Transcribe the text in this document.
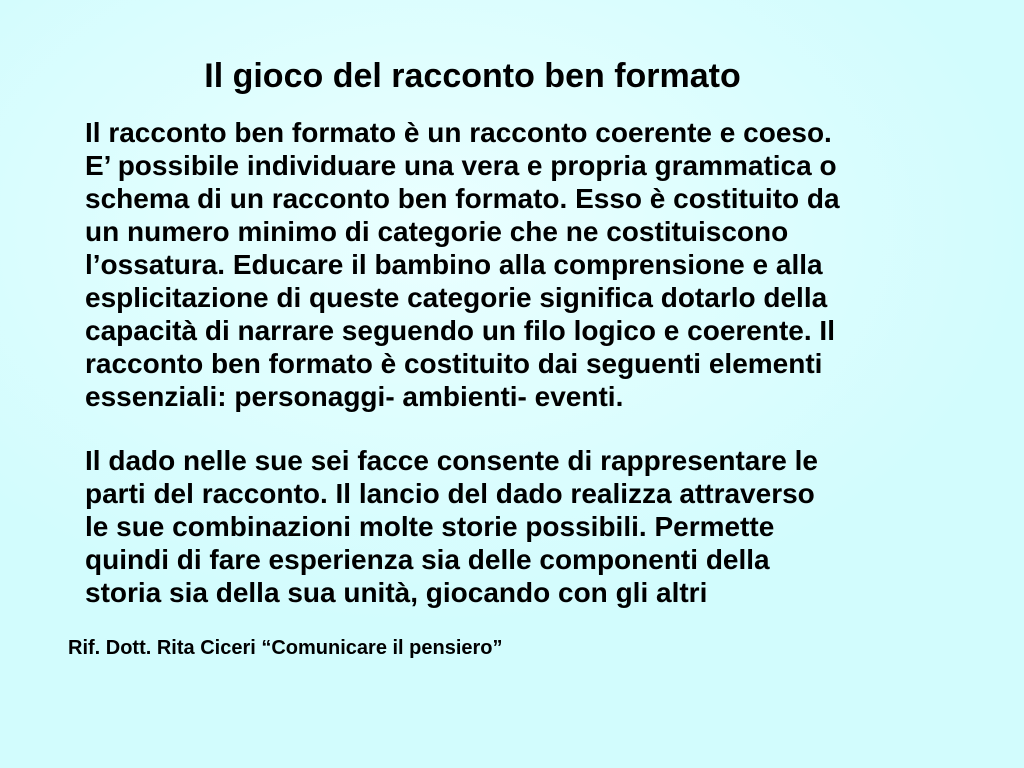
Il gioco del racconto ben formato
Il racconto ben formato è un racconto coerente e coeso.
E’ possibile individuare una vera e propria grammatica o
schema di un racconto ben formato. Esso è costituito da
un numero minimo di categorie che ne costituiscono
l’ossatura. Educare il bambino alla comprensione e alla
esplicitazione di queste categorie significa dotarlo della
capacità di narrare seguendo un filo logico e coerente. Il
racconto ben formato è costituito dai seguenti elementi
essenziali: personaggi- ambienti- eventi.
Il dado nelle sue sei facce consente di rappresentare le
parti del racconto. Il lancio del dado realizza attraverso
le sue combinazioni molte storie possibili. Permette
quindi di fare esperienza sia delle componenti della
storia sia della sua unità, giocando con gli altri
Rif. Dott. Rita Ciceri “Comunicare il pensiero”
